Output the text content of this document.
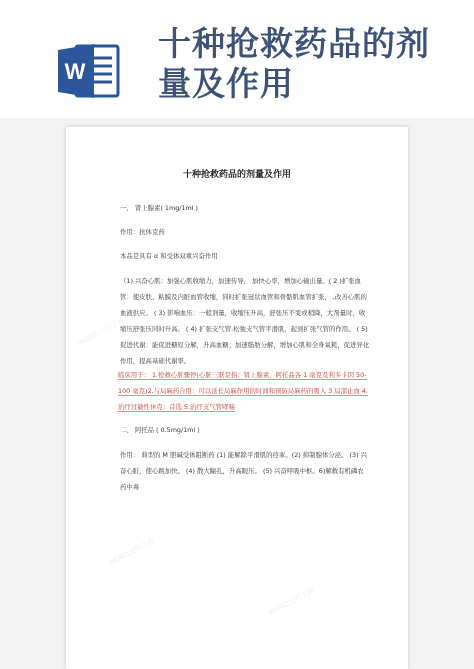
W
十种抢救药品的剂
量及作用
十种抢救药品的剂量及作用
一、 肾上腺素( 1mg/1ml )
作用：抗休克药
本品是具有 α 和受体双重兴奋作用
（1) 兴奋心肌：加强心肌收缩力，加速传导， 加快心率，增加心输出量。( 2 )扩张血管：使皮肤、粘膜及内脏血管收缩，同时扩张冠状血管和骨骼肌血管扩张， ,改善心肌的血液供应。 ( 3) 影响血压：一般剂量，收缩压升高，舒张压不变或稍降，大剂量时，收缩压舒张压同时升高。 ( 4) 扩张支气管:松弛支气管平滑肌，起到扩张气管的作用。 ( 5) 促进代谢：能促进糖原分解，升高血糖；加速脂肪分解，增加心肌和全身氧耗，促进异化作用，提高基础代谢率。
临床用于： 1.抢救心脏骤停(心脏三联是指：肾上腺素，阿托品各 1 毫克及利多卡因 50-100 毫克)2.与局麻药合用：可以延长局麻作用的时间和预防局麻药的吸入 3.局部止血 4.治疗过敏性休克：首选 5.治疗支气管哮喘
二、 阿托品 ( 0.5mg/1ml )
作用： 典型的 M 胆碱受体阻断药 (1) 能解除平滑肌的痉挛。(2) 抑制腺体分泌。 (3) 兴奋心脏，使心跳加快。 (4) 散大瞳孔，升高眼压。 (5) 兴奋呼吸中枢。6)解救有机磷农药中毒
WORD文档下载
WORD文档下载
WORD文档下载
WORD文档下载
